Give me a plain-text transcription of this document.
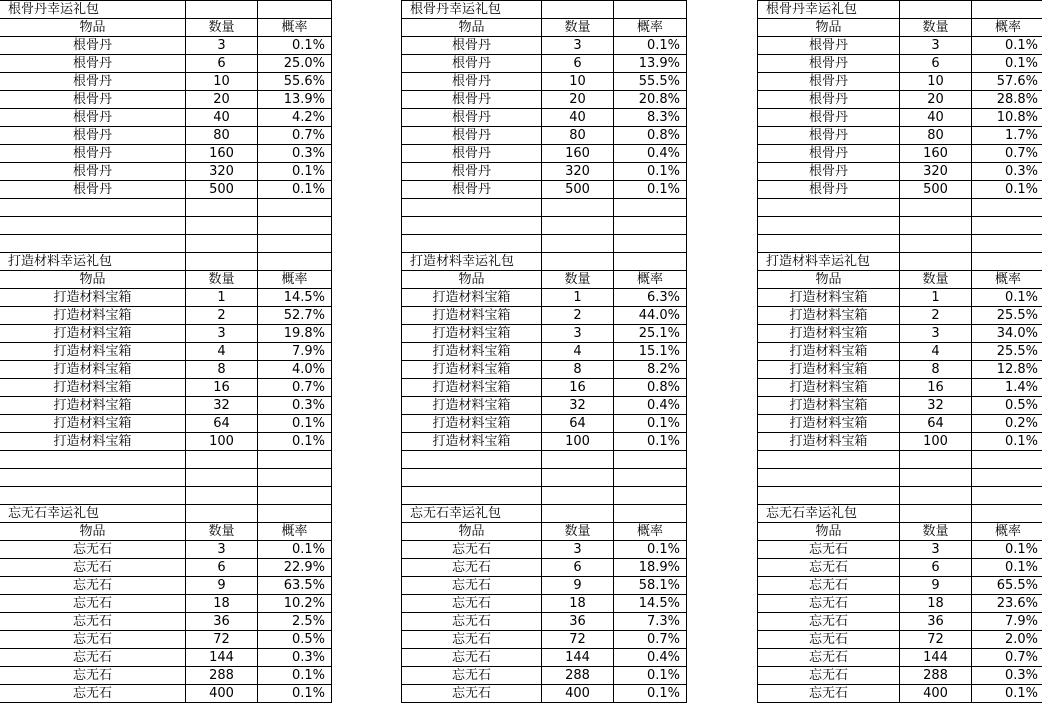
根骨丹幸运礼包		
物品	数量	概率
根骨丹	3	0.1%
根骨丹	6	25.0%
根骨丹	10	55.6%
根骨丹	20	13.9%
根骨丹	40	4.2%
根骨丹	80	0.7%
根骨丹	160	0.3%
根骨丹	320	0.1%
根骨丹	500	0.1%

打造材料幸运礼包		
物品	数量	概率
打造材料宝箱	1	14.5%
打造材料宝箱	2	52.7%
打造材料宝箱	3	19.8%
打造材料宝箱	4	7.9%
打造材料宝箱	8	4.0%
打造材料宝箱	16	0.7%
打造材料宝箱	32	0.3%
打造材料宝箱	64	0.1%
打造材料宝箱	100	0.1%

忘无石幸运礼包		
物品	数量	概率
忘无石	3	0.1%
忘无石	6	22.9%
忘无石	9	63.5%
忘无石	18	10.2%
忘无石	36	2.5%
忘无石	72	0.5%
忘无石	144	0.3%
忘无石	288	0.1%
忘无石	400	0.1%
根骨丹幸运礼包		
物品	数量	概率
根骨丹	3	0.1%
根骨丹	6	13.9%
根骨丹	10	55.5%
根骨丹	20	20.8%
根骨丹	40	8.3%
根骨丹	80	0.8%
根骨丹	160	0.4%
根骨丹	320	0.1%
根骨丹	500	0.1%

打造材料幸运礼包		
物品	数量	概率
打造材料宝箱	1	6.3%
打造材料宝箱	2	44.0%
打造材料宝箱	3	25.1%
打造材料宝箱	4	15.1%
打造材料宝箱	8	8.2%
打造材料宝箱	16	0.8%
打造材料宝箱	32	0.4%
打造材料宝箱	64	0.1%
打造材料宝箱	100	0.1%

忘无石幸运礼包		
物品	数量	概率
忘无石	3	0.1%
忘无石	6	18.9%
忘无石	9	58.1%
忘无石	18	14.5%
忘无石	36	7.3%
忘无石	72	0.7%
忘无石	144	0.4%
忘无石	288	0.1%
忘无石	400	0.1%
根骨丹幸运礼包		
物品	数量	概率
根骨丹	3	0.1%
根骨丹	6	0.1%
根骨丹	10	57.6%
根骨丹	20	28.8%
根骨丹	40	10.8%
根骨丹	80	1.7%
根骨丹	160	0.7%
根骨丹	320	0.3%
根骨丹	500	0.1%

打造材料幸运礼包		
物品	数量	概率
打造材料宝箱	1	0.1%
打造材料宝箱	2	25.5%
打造材料宝箱	3	34.0%
打造材料宝箱	4	25.5%
打造材料宝箱	8	12.8%
打造材料宝箱	16	1.4%
打造材料宝箱	32	0.5%
打造材料宝箱	64	0.2%
打造材料宝箱	100	0.1%

忘无石幸运礼包		
物品	数量	概率
忘无石	3	0.1%
忘无石	6	0.1%
忘无石	9	65.5%
忘无石	18	23.6%
忘无石	36	7.9%
忘无石	72	2.0%
忘无石	144	0.7%
忘无石	288	0.3%
忘无石	400	0.1%
